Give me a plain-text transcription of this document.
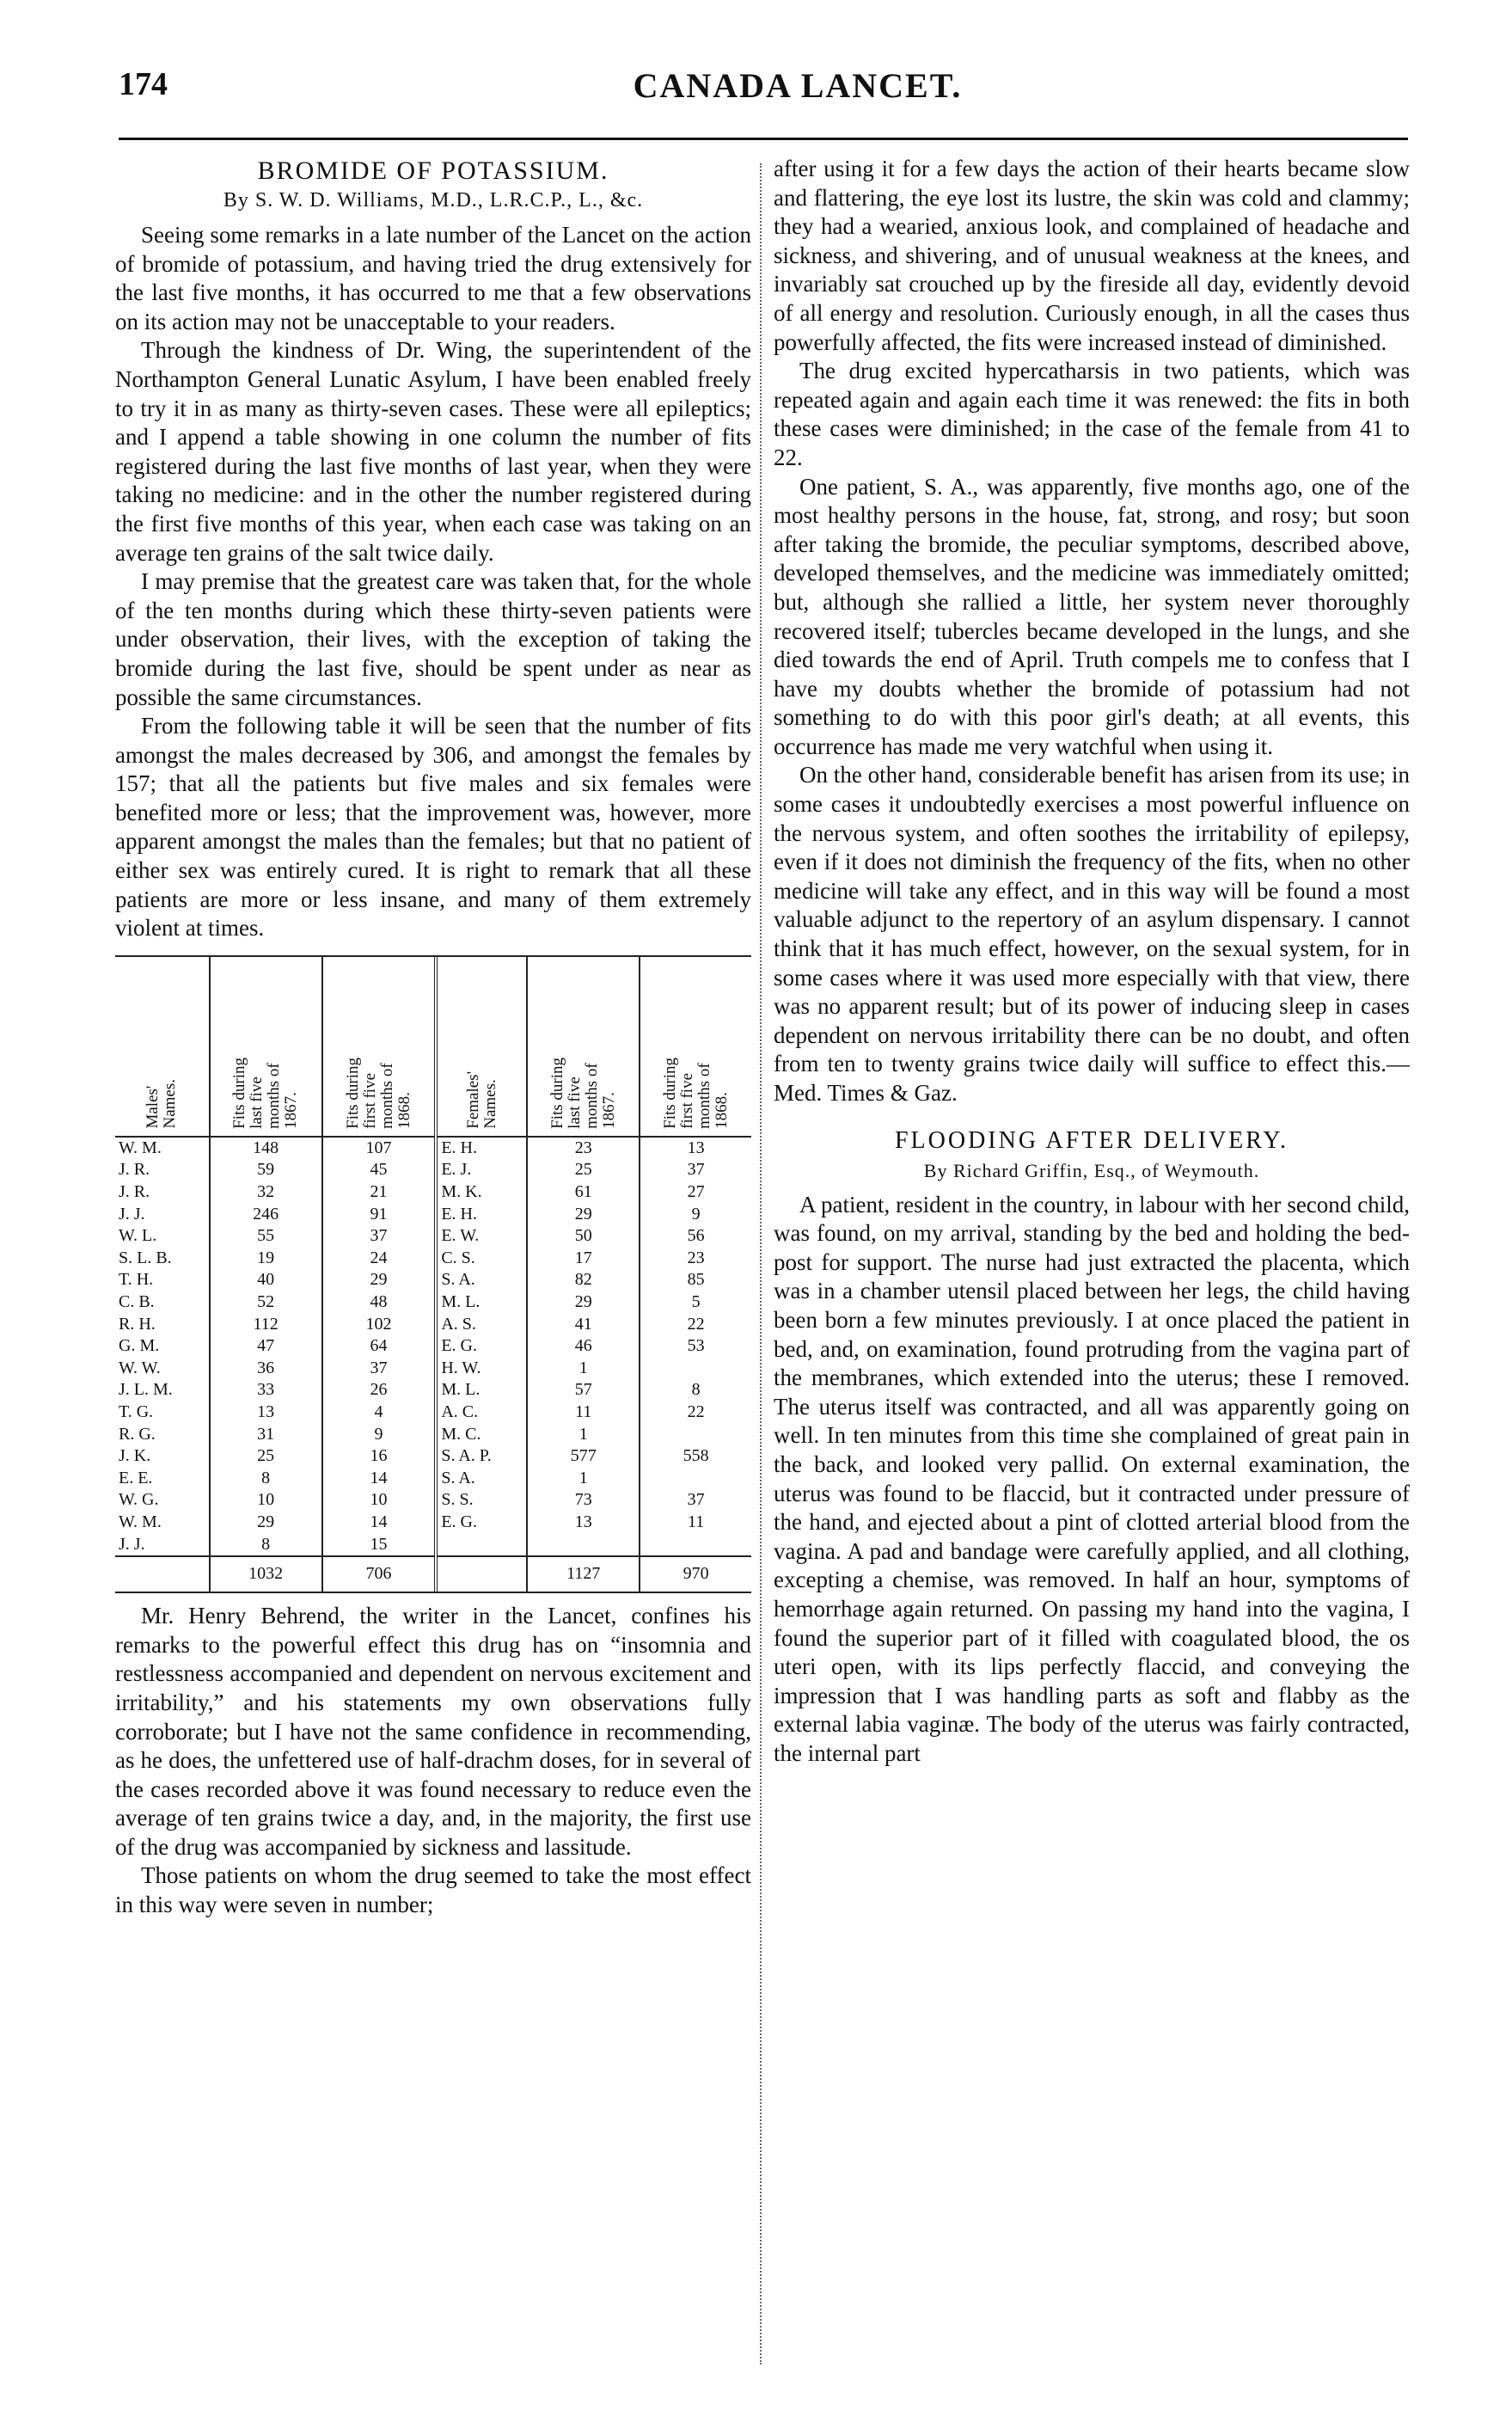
174	CANADA LANCET.
BROMIDE OF POTASSIUM.
By S. W. D. Williams, M.D., L.R.C.P., L., &c.

Seeing some remarks in a late number of the Lancet on the action of bromide of potassium, and having tried the drug extensively for the last five months, it has occurred to me that a few observations on its action may not be unacceptable to your readers.

Through the kindness of Dr. Wing, the superintendent of the Northampton General Lunatic Asylum, I have been enabled freely to try it in as many as thirty-seven cases. These were all epileptics; and I append a table showing in one column the number of fits registered during the last five months of last year, when they were taking no medicine: and in the other the number registered during the first five months of this year, when each case was taking on an average ten grains of the salt twice daily.

I may premise that the greatest care was taken that, for the whole of the ten months during which these thirty-seven patients were under observation, their lives, with the exception of taking the bromide during the last five, should be spent under as near as possible the same circumstances.

From the following table it will be seen that the number of fits amongst the males decreased by 306, and amongst the females by 157; that all the patients but five males and six females were benefited more or less; that the improvement was, however, more apparent amongst the males than the females; but that no patient of either sex was entirely cured. It is right to remark that all these patients are more or less insane, and many of them extremely violent at times.

Males'
Names.	Fits during
last five
months of
1867.	Fits during
first five
months of
1868.	Females'
Names.	Fits during
last five
months of
1867.	Fits during
first five
months of
1868.

W. M.	148	107	E. H.	23	13
J. R.	59	45	E. J.	25	37
J. R.	32	21	M. K.	61	27
J. J.	246	91	E. H.	29	9
W. L.	55	37	E. W.	50	56
S. L. B.	19	24	C. S.	17	23
T. H.	40	29	S. A.	82	85
C. B.	52	48	M. L.	29	5
R. H.	112	102	A. S.	41	22
G. M.	47	64	E. G.	46	53
W. W.	36	37	H. W.	1	
J. L. M.	33	26	M. L.	57	8
T. G.	13	4	A. C.	11	22
R. G.	31	9	M. C.	1	
J. K.	25	16	S. A. P.	577	558
E. E.	8	14	S. A.	1	
W. G.	10	10	S. S.	73	37
W. M.	29	14	E. G.	13	11
J. J.	8	15			
	1032	706		1127	970

Mr. Henry Behrend, the writer in the Lancet, confines his remarks to the powerful effect this drug has on “insomnia and restlessness accompanied and dependent on nervous excitement and irritability,” and his statements my own observations fully corroborate; but I have not the same confidence in recommending, as he does, the unfettered use of half-drachm doses, for in several of the cases recorded above it was found necessary to reduce even the average of ten grains twice a day, and, in the majority, the first use of the drug was accompanied by sickness and lassitude.

Those patients on whom the drug seemed to take the most effect in this way were seven in number;

after using it for a few days the action of their hearts became slow and flattering, the eye lost its lustre, the skin was cold and clammy; they had a wearied, anxious look, and complained of headache and sickness, and shivering, and of unusual weakness at the knees, and invariably sat crouched up by the fireside all day, evidently devoid of all energy and resolution. Curiously enough, in all the cases thus powerfully affected, the fits were increased instead of diminished.

The drug excited hypercatharsis in two patients, which was repeated again and again each time it was renewed: the fits in both these cases were diminished; in the case of the female from 41 to 22.

One patient, S. A., was apparently, five months ago, one of the most healthy persons in the house, fat, strong, and rosy; but soon after taking the bromide, the peculiar symptoms, described above, developed themselves, and the medicine was immediately omitted; but, although she rallied a little, her system never thoroughly recovered itself; tubercles became developed in the lungs, and she died towards the end of April. Truth compels me to confess that I have my doubts whether the bromide of potassium had not something to do with this poor girl's death; at all events, this occurrence has made me very watchful when using it.

On the other hand, considerable benefit has arisen from its use; in some cases it undoubtedly exercises a most powerful influence on the nervous system, and often soothes the irritability of epilepsy, even if it does not diminish the frequency of the fits, when no other medicine will take any effect, and in this way will be found a most valuable adjunct to the repertory of an asylum dispensary. I cannot think that it has much effect, however, on the sexual system, for in some cases where it was used more especially with that view, there was no apparent result; but of its power of inducing sleep in cases dependent on nervous irritability there can be no doubt, and often from ten to twenty grains twice daily will suffice to effect this.—Med. Times & Gaz.

FLOODING AFTER DELIVERY.
By Richard Griffin, Esq., of Weymouth.

A patient, resident in the country, in labour with her second child, was found, on my arrival, standing by the bed and holding the bed-post for support. The nurse had just extracted the placenta, which was in a chamber utensil placed between her legs, the child having been born a few minutes previously. I at once placed the patient in bed, and, on examination, found protruding from the vagina part of the membranes, which extended into the uterus; these I removed. The uterus itself was contracted, and all was apparently going on well. In ten minutes from this time she complained of great pain in the back, and looked very pallid. On external examination, the uterus was found to be flaccid, but it contracted under pressure of the hand, and ejected about a pint of clotted arterial blood from the vagina. A pad and bandage were carefully applied, and all clothing, excepting a chemise, was removed. In half an hour, symptoms of hemorrhage again returned. On passing my hand into the vagina, I found the superior part of it filled with coagulated blood, the os uteri open, with its lips perfectly flaccid, and conveying the impression that I was handling parts as soft and flabby as the external labia vaginæ. The body of the uterus was fairly contracted, the internal part
